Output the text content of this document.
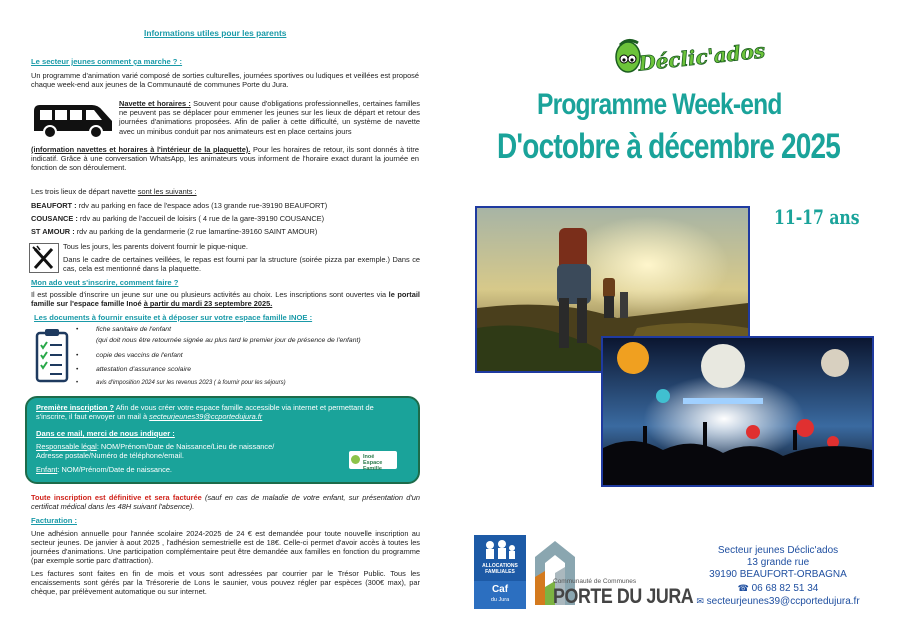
Informations utiles pour les parents
Le secteur jeunes comment ça marche ? :
Un programme d'animation varié composé de sorties culturelles, journées sportives ou ludiques et veillées est proposé chaque week-end aux jeunes de la Communauté de communes Porte du Jura.
Navette et horaires : Souvent pour cause d'obligations professionnelles, certaines familles ne peuvent pas se déplacer pour emmener les jeunes sur les lieux de départ et retour des journées d'animations proposées. Afin de palier à cette difficulté, un système de navette avec un minibus conduit par nos animateurs est en place certains jours
(information navettes et horaires à l'intérieur de la plaquette). Pour les horaires de retour, ils sont donnés à titre indicatif. Grâce à une conversation WhatsApp, les animateurs vous informent de l'horaire exact durant la journée en fonction de son déroulement.
Les trois lieux de départ navette sont les suivants :
BEAUFORT : rdv au parking en face de l'espace ados (13 grande rue-39190 BEAUFORT)
COUSANCE : rdv au parking de l'accueil de loisirs ( 4 rue de la gare-39190 COUSANCE)
ST AMOUR : rdv au parking de la gendarmerie (2 rue lamartine-39160 SAINT AMOUR)
Tous les jours, les parents doivent fournir le pique-nique.
Dans le cadre de certaines veillées, le repas est fourni par la structure (soirée pizza par exemple.) Dans ce cas, cela est mentionné dans la plaquette.
Mon ado veut s'inscrire, comment faire ?
Il est possible d'inscrire un jeune sur une ou plusieurs activités au choix. Les inscriptions sont ouvertes via le portail famille sur l'espace famille Inoé à partir du mardi 23 septembre 2025.
Les documents à fournir ensuite et à déposer sur votre espace famille INOE :
• fiche sanitaire de l'enfant
(qui doit nous être retournée signée au plus tard le premier jour de présence de l'enfant)
• copie des vaccins de l'enfant
• attestation d'assurance scolaire
• avis d'imposition 2024 sur les revenus 2023 ( à fournir pour les séjours)
Première inscription ? Afin de vous créer votre espace famille accessible via internet et permettant de s'inscrire, il faut envoyer un mail à secteurjeunes39@ccportedujura.fr
Dans ce mail, merci de nous indiquer :
Responsable légal: NOM/Prénom/Date de Naissance/Lieu de naissance/
Adresse postale/Numéro de téléphone/email.
Enfant: NOM/Prénom/Date de naissance.
Inoé Espace Famille
Toute inscription est définitive et sera facturée (sauf en cas de maladie de votre enfant, sur présentation d'un certificat médical dans les 48H suivant l'absence).
Facturation :
Une adhésion annuelle pour l'année scolaire 2024-2025 de 24 € est demandée pour toute nouvelle inscription au secteur jeunes. De janvier à aout 2025 , l'adhésion semestrielle est de 18€. Celle-ci permet d'avoir accès à toutes les journées d'animations. Une participation complémentaire peut être demandée aux familles en fonction du programme (par exemple sortie parc d'attraction).
Les factures sont faites en fin de mois et vous sont adressées par courrier par le Trésor Public. Tous les encaissements sont gérés par la Trésorerie de Lons le saunier, vous pouvez régler par espèces (300€ max), par chèque, par prélèvement automatique ou sur internet.
Déclic'ados
Programme Week-end
D'octobre à décembre 2025
11-17 ans
ALLOCATIONS FAMILIALES
Caf
du Jura
Communauté de Communes
PORTE DU JURA
Secteur jeunes Déclic'ados
13 grande rue
39190 BEAUFORT-ORBAGNA
☎ 06 68 82 51 34
✉ secteurjeunes39@ccportedujura.fr
